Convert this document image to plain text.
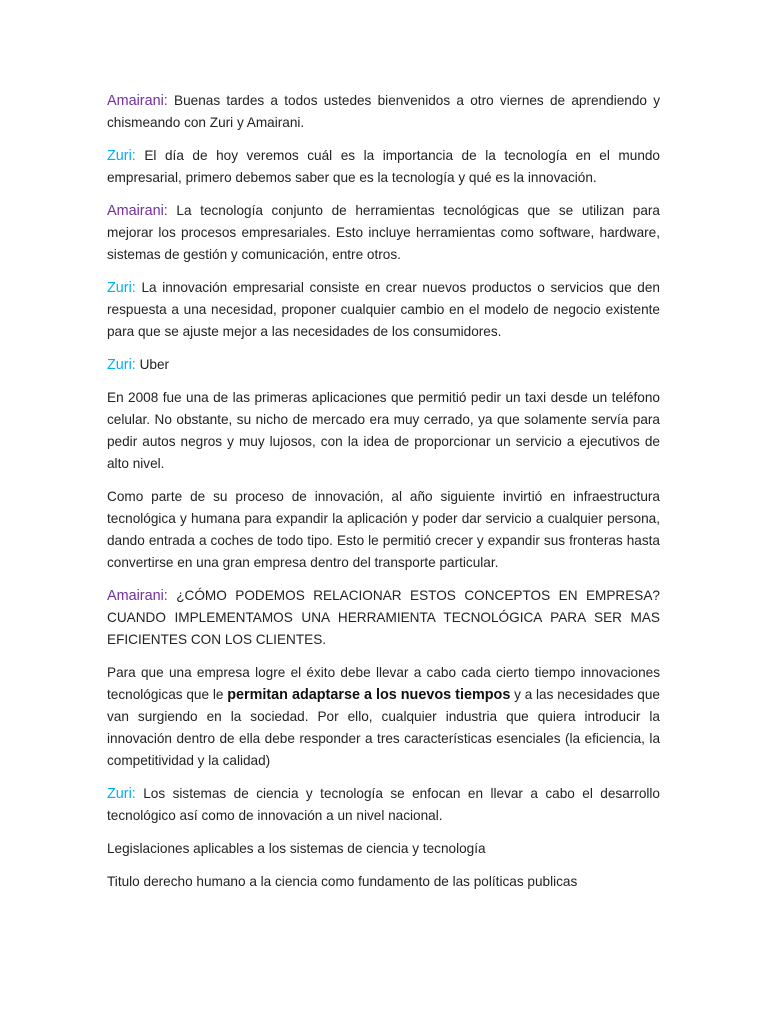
Amairani: Buenas tardes a todos ustedes bienvenidos a otro viernes de aprendiendo y chismeando con Zuri y Amairani.

Zuri: El día de hoy veremos cuál es la importancia de la tecnología en el mundo empresarial, primero debemos saber que es la tecnología y qué es la innovación.

Amairani: La tecnología conjunto de herramientas tecnológicas que se utilizan para mejorar los procesos empresariales. Esto incluye herramientas como software, hardware, sistemas de gestión y comunicación, entre otros.

Zuri: La innovación empresarial consiste en crear nuevos productos o servicios que den respuesta a una necesidad, proponer cualquier cambio en el modelo de negocio existente para que se ajuste mejor a las necesidades de los consumidores.

Zuri: Uber

En 2008 fue una de las primeras aplicaciones que permitió pedir un taxi desde un teléfono celular. No obstante, su nicho de mercado era muy cerrado, ya que solamente servía para pedir autos negros y muy lujosos, con la idea de proporcionar un servicio a ejecutivos de alto nivel.

Como parte de su proceso de innovación, al año siguiente invirtió en infraestructura tecnológica y humana para expandir la aplicación y poder dar servicio a cualquier persona, dando entrada a coches de todo tipo. Esto le permitió crecer y expandir sus fronteras hasta convertirse en una gran empresa dentro del transporte particular.

Amairani: ¿CÓMO PODEMOS RELACIONAR ESTOS CONCEPTOS EN EMPRESA? CUANDO IMPLEMENTAMOS UNA HERRAMIENTA TECNOLÓGICA PARA SER MAS EFICIENTES CON LOS CLIENTES.

Para que una empresa logre el éxito debe llevar a cabo cada cierto tiempo innovaciones tecnológicas que le permitan adaptarse a los nuevos tiempos y a las necesidades que van surgiendo en la sociedad. Por ello, cualquier industria que quiera introducir la innovación dentro de ella debe responder a tres características esenciales (la eficiencia, la competitividad y la calidad)

Zuri: Los sistemas de ciencia y tecnología se enfocan en llevar a cabo el desarrollo tecnológico así como de innovación a un nivel nacional.

Legislaciones aplicables a los sistemas de ciencia y tecnología

Titulo derecho humano a la ciencia como fundamento de las políticas publicas
